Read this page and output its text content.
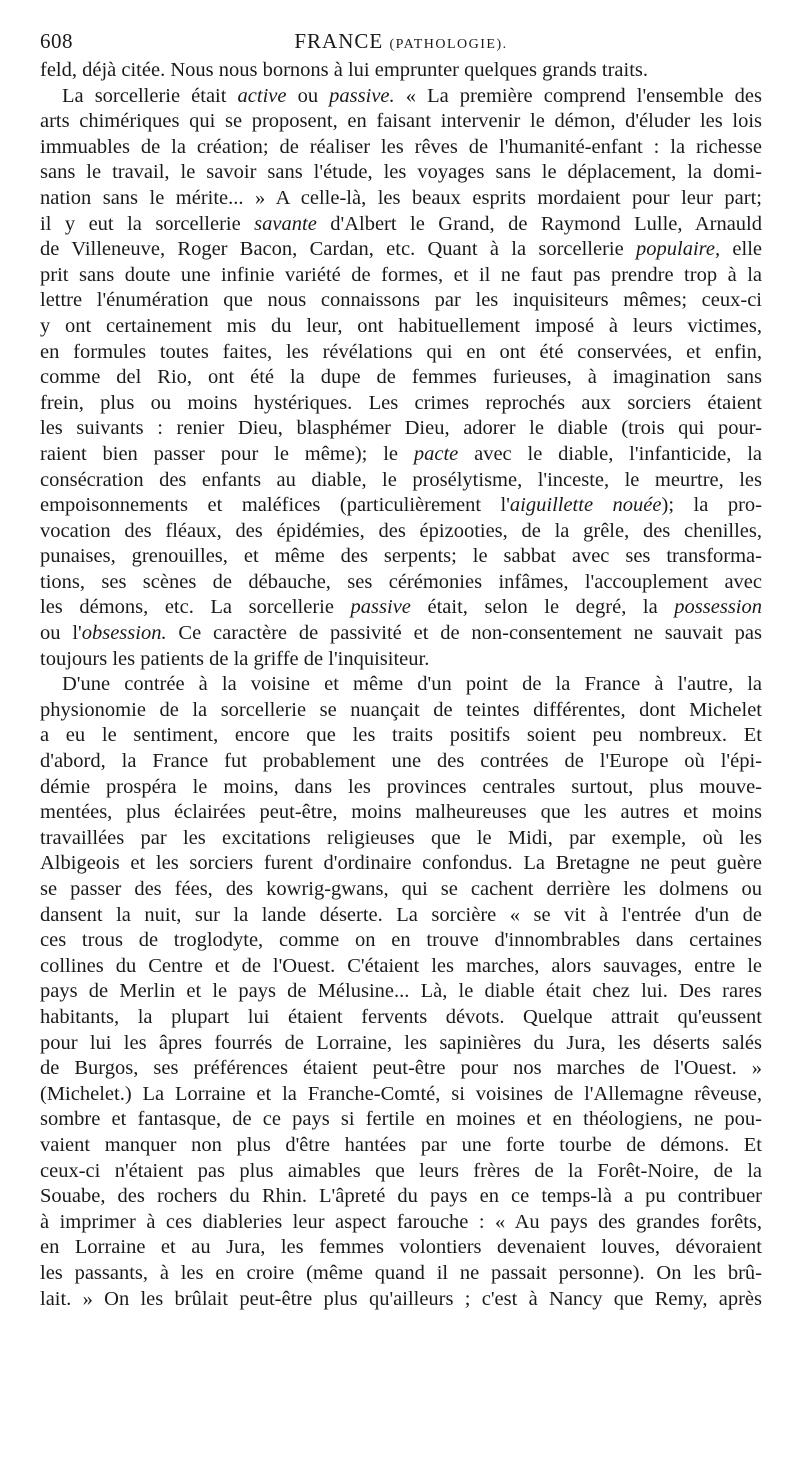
608	FRANCE (PATHOLOGIE).
feld, déjà citée. Nous nous bornons à lui emprunter quelques grands traits.
La sorcellerie était active ou passive. « La première comprend l'ensemble des
arts chimériques qui se proposent, en faisant intervenir le démon, d'éluder les lois
immuables de la création; de réaliser les rêves de l'humanité-enfant : la richesse
sans le travail, le savoir sans l'étude, les voyages sans le déplacement, la domi-
nation sans le mérite... » A celle-là, les beaux esprits mordaient pour leur part;
il y eut la sorcellerie savante d'Albert le Grand, de Raymond Lulle, Arnauld
de Villeneuve, Roger Bacon, Cardan, etc. Quant à la sorcellerie populaire, elle
prit sans doute une infinie variété de formes, et il ne faut pas prendre trop à la
lettre l'énumération que nous connaissons par les inquisiteurs mêmes; ceux-ci
y ont certainement mis du leur, ont habituellement imposé à leurs victimes,
en formules toutes faites, les révélations qui en ont été conservées, et enfin,
comme del Rio, ont été la dupe de femmes furieuses, à imagination sans
frein, plus ou moins hystériques. Les crimes reprochés aux sorciers étaient
les suivants : renier Dieu, blasphémer Dieu, adorer le diable (trois qui pour-
raient bien passer pour le même); le pacte avec le diable, l'infanticide, la
consécration des enfants au diable, le prosélytisme, l'inceste, le meurtre, les
empoisonnements et maléfices (particulièrement l'aiguillette nouée); la pro-
vocation des fléaux, des épidémies, des épizooties, de la grêle, des chenilles,
punaises, grenouilles, et même des serpents; le sabbat avec ses transforma-
tions, ses scènes de débauche, ses cérémonies infâmes, l'accouplement avec
les démons, etc. La sorcellerie passive était, selon le degré, la possession
ou l'obsession. Ce caractère de passivité et de non-consentement ne sauvait pas
toujours les patients de la griffe de l'inquisiteur.
D'une contrée à la voisine et même d'un point de la France à l'autre, la
physionomie de la sorcellerie se nuançait de teintes différentes, dont Michelet
a eu le sentiment, encore que les traits positifs soient peu nombreux. Et
d'abord, la France fut probablement une des contrées de l'Europe où l'épi-
démie prospéra le moins, dans les provinces centrales surtout, plus mouve-
mentées, plus éclairées peut-être, moins malheureuses que les autres et moins
travaillées par les excitations religieuses que le Midi, par exemple, où les
Albigeois et les sorciers furent d'ordinaire confondus. La Bretagne ne peut guère
se passer des fées, des kowrig-gwans, qui se cachent derrière les dolmens ou
dansent la nuit, sur la lande déserte. La sorcière « se vit à l'entrée d'un de
ces trous de troglodyte, comme on en trouve d'innombrables dans certaines
collines du Centre et de l'Ouest. C'étaient les marches, alors sauvages, entre le
pays de Merlin et le pays de Mélusine... Là, le diable était chez lui. Des rares
habitants, la plupart lui étaient fervents dévots. Quelque attrait qu'eussent
pour lui les âpres fourrés de Lorraine, les sapinières du Jura, les déserts salés
de Burgos, ses préférences étaient peut-être pour nos marches de l'Ouest. »
(Michelet.) La Lorraine et la Franche-Comté, si voisines de l'Allemagne rêveuse,
sombre et fantasque, de ce pays si fertile en moines et en théologiens, ne pou-
vaient manquer non plus d'être hantées par une forte tourbe de démons. Et
ceux-ci n'étaient pas plus aimables que leurs frères de la Forêt-Noire, de la
Souabe, des rochers du Rhin. L'âpreté du pays en ce temps-là a pu contribuer
à imprimer à ces diableries leur aspect farouche : « Au pays des grandes forêts,
en Lorraine et au Jura, les femmes volontiers devenaient louves, dévoraient
les passants, à les en croire (même quand il ne passait personne). On les brû-
lait. » On les brûlait peut-être plus qu'ailleurs ; c'est à Nancy que Remy, après
